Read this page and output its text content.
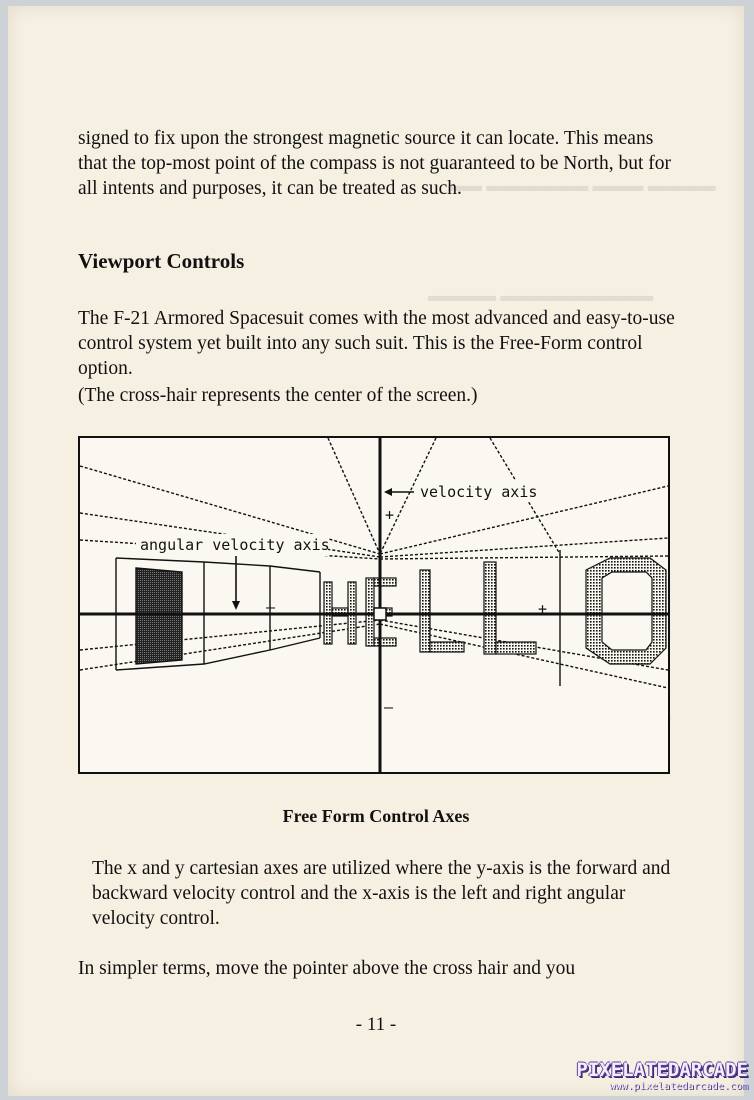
▬▬▬▬ ▬▬▬ ▬▬▬▬▬▬ ▬▬
▬▬▬▬▬▬▬▬▬ ▬▬▬▬

signed to fix upon the strongest magnetic source it can locate. This means that the top-most point of the compass is not guaranteed to be North, but for all intents and purposes, it can be treated as such.

Viewport Controls

The F-21 Armored Spacesuit comes with the most advanced and easy-to-use control system yet built into any such suit. This is the Free-Form control option.

(The cross-hair represents the center of the screen.)

velocity axis
angular velocity axis
+
+
–
–
Free Form Control Axes

The x and y cartesian axes are utilized where the y-axis is the forward and backward velocity control and the x-axis is the left and right angular velocity control.

In simpler terms, move the pointer above the cross hair and you

- 11 -
PIXELATEDARCADE
www.pixelatedarcade.com
